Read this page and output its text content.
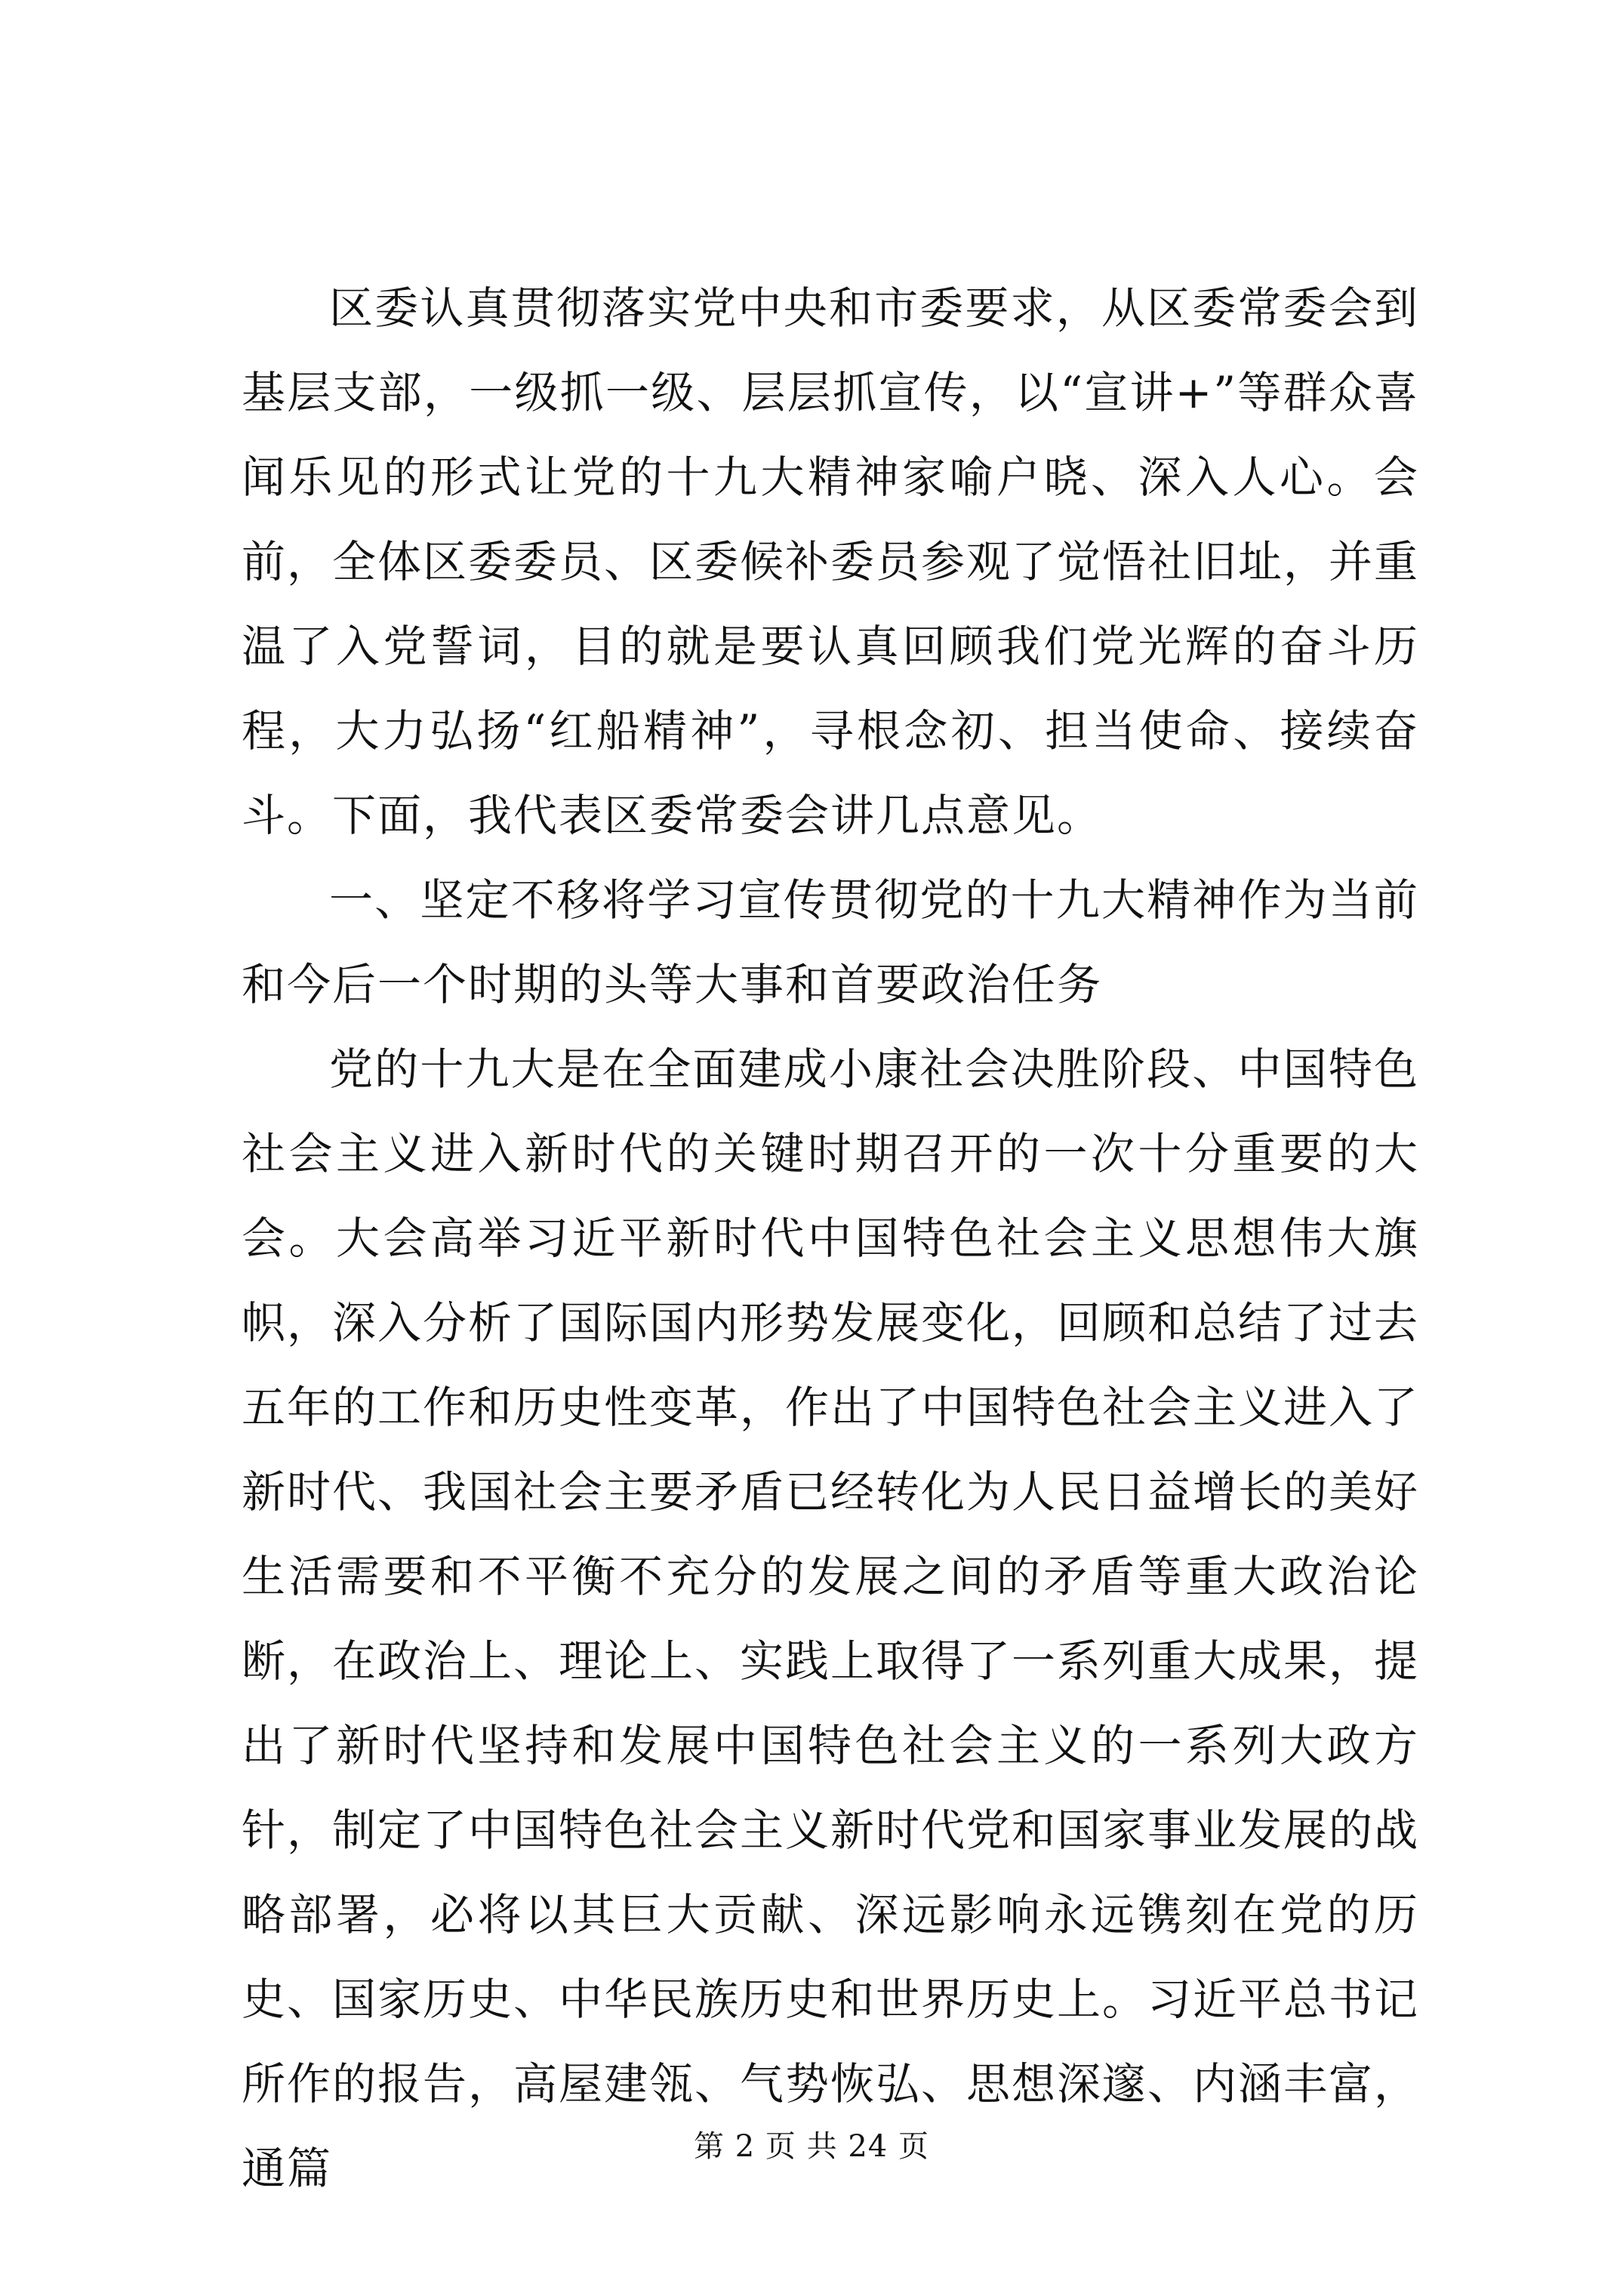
区委认真贯彻落实党中央和市委要求，从区委常委会到基层支部，一级抓一级、层层抓宣传，以“宣讲+”等群众喜闻乐见的形式让党的十九大精神家喻户晓、深入人心。会前，全体区委委员、区委候补委员参观了觉悟社旧址，并重温了入党誓词，目的就是要认真回顾我们党光辉的奋斗历程，大力弘扬“红船精神”，寻根念初、担当使命、接续奋斗。下面，我代表区委常委会讲几点意见。

一、坚定不移将学习宣传贯彻党的十九大精神作为当前和今后一个时期的头等大事和首要政治任务

党的十九大是在全面建成小康社会决胜阶段、中国特色社会主义进入新时代的关键时期召开的一次十分重要的大会。大会高举习近平新时代中国特色社会主义思想伟大旗帜，深入分析了国际国内形势发展变化，回顾和总结了过去五年的工作和历史性变革，作出了中国特色社会主义进入了新时代、我国社会主要矛盾已经转化为人民日益增长的美好生活需要和不平衡不充分的发展之间的矛盾等重大政治论断，在政治上、理论上、实践上取得了一系列重大成果，提出了新时代坚持和发展中国特色社会主义的一系列大政方针，制定了中国特色社会主义新时代党和国家事业发展的战略部署，必将以其巨大贡献、深远影响永远镌刻在党的历史、国家历史、中华民族历史和世界历史上。习近平总书记所作的报告，高屋建瓴、气势恢弘、思想深邃、内涵丰富，通篇	第 2 页 共 24 页
